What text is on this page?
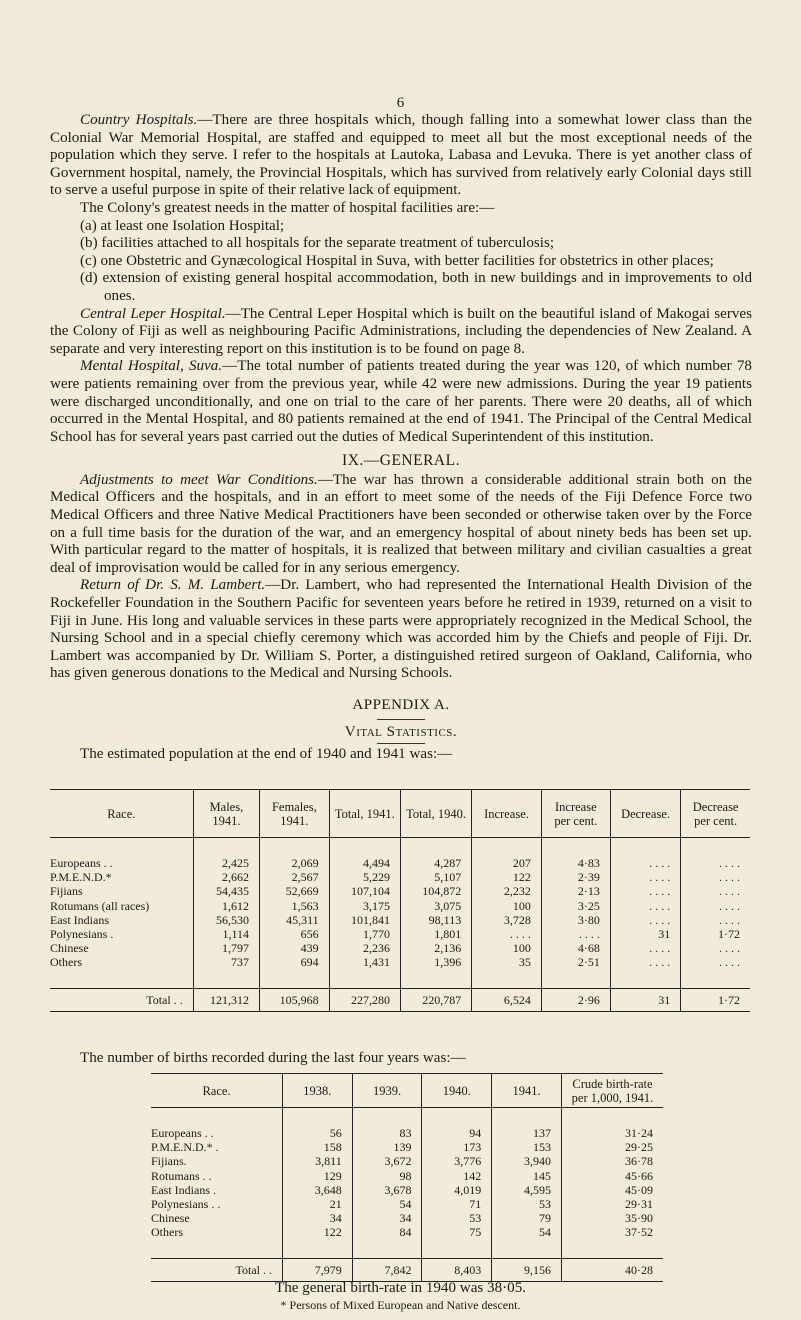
6

Country Hospitals.—There are three hospitals which, though falling into a somewhat lower class than the Colonial War Memorial Hospital, are staffed and equipped to meet all but the most exceptional needs of the population which they serve. I refer to the hospitals at Lautoka, Labasa and Levuka. There is yet another class of Government hospital, namely, the Provincial Hospitals, which has survived from relatively early Colonial days still to serve a useful purpose in spite of their relative lack of equipment.

The Colony's greatest needs in the matter of hospital facilities are:—

(a) at least one Isolation Hospital;
(b) facilities attached to all hospitals for the separate treatment of tuberculosis;
(c) one Obstetric and Gynæcological Hospital in Suva, with better facilities for obstetrics in other places;
(d) extension of existing general hospital accommodation, both in new buildings and in improvements to old ones.

Central Leper Hospital.—The Central Leper Hospital which is built on the beautiful island of Makogai serves the Colony of Fiji as well as neighbouring Pacific Administrations, including the dependencies of New Zealand. A separate and very interesting report on this institution is to be found on page 8.

Mental Hospital, Suva.—The total number of patients treated during the year was 120, of which number 78 were patients remaining over from the previous year, while 42 were new admissions. During the year 19 patients were discharged unconditionally, and one on trial to the care of her parents. There were 20 deaths, all of which occurred in the Mental Hospital, and 80 patients remained at the end of 1941. The Principal of the Central Medical School has for several years past carried out the duties of Medical Superintendent of this institution.

IX.—GENERAL.

Adjustments to meet War Conditions.—The war has thrown a considerable additional strain both on the Medical Officers and the hospitals, and in an effort to meet some of the needs of the Fiji Defence Force two Medical Officers and three Native Medical Practitioners have been seconded or otherwise taken over by the Force on a full time basis for the duration of the war, and an emergency hospital of about ninety beds has been set up. With particular regard to the matter of hospitals, it is realized that between military and civilian casualties a great deal of improvisation would be called for in any serious emergency.

Return of Dr. S. M. Lambert.—Dr. Lambert, who had represented the International Health Division of the Rockefeller Foundation in the Southern Pacific for seventeen years before he retired in 1939, returned on a visit to Fiji in June. His long and valuable services in these parts were appropriately recognized in the Medical School, the Nursing School and in a special chiefly ceremony which was accorded him by the Chiefs and people of Fiji. Dr. Lambert was accompanied by Dr. William S. Porter, a distinguished retired surgeon of Oakland, California, who has given generous donations to the Medical and Nursing Schools.

APPENDIX A.

Vital Statistics.

The estimated population at the end of 1940 and 1941 was:—

Race.	Males, 1941.	Females, 1941.	Total, 1941.	Total, 1940.	Increase.	Increase per cent.	Decrease.	Decrease per cent.

Europeans . .	2,425	2,069	4,494	4,287	207	4·83	. . . .	. . . .
P.M.E.N.D.*	2,662	2,567	5,229	5,107	122	2·39	. . . .	. . . .
Fijians	54,435	52,669	107,104	104,872	2,232	2·13	. . . .	. . . .
Rotumans (all races)	1,612	1,563	3,175	3,075	100	3·25	. . . .	. . . .
East Indians	56,530	45,311	101,841	98,113	3,728	3·80	. . . .	. . . .
Polynesians .	1,114	656	1,770	1,801	. . . .	. . . .	31	1·72
Chinese	1,797	439	2,236	2,136	100	4·68	. . . .	. . . .
Others	737	694	1,431	1,396	35	2·51	. . . .	. . . .

Total . .	121,312	105,968	227,280	220,787	6,524	2·96	31	1·72
The number of births recorded during the last four years was:—
Race.	1938.	1939.	1940.	1941.	Crude birth-rate per 1,000, 1941.

Europeans . .	56	83	94	137	31·24
P.M.E.N.D.* .	158	139	173	153	29·25
Fijians.	3,811	3,672	3,776	3,940	36·78
Rotumans . .	129	98	142	145	45·66
East Indians .	3,648	3,678	4,019	4,595	45·09
Polynesians . .	21	54	71	53	29·31
Chinese	34	34	53	79	35·90
Others	122	84	75	54	37·52

Total . .	7,979	7,842	8,403	9,156	40·28
The general birth-rate in 1940 was 38·05.
* Persons of Mixed European and Native descent.
